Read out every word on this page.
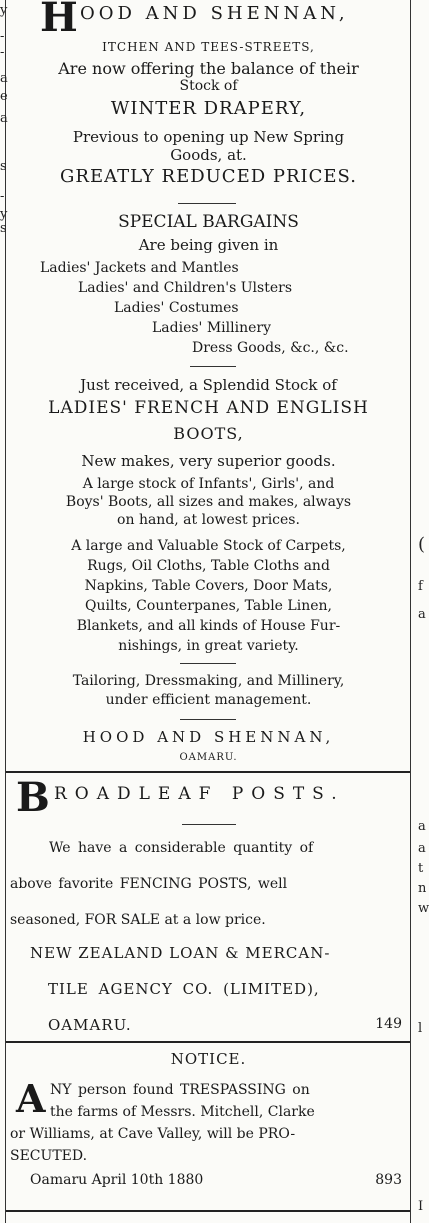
y
-
-
a
e
a
s
-
y
s
(
f
a
a
a
t
n
w
l
I
H OOD AND SHENNAN,
ITCHEN AND TEES-STREETS,
Are now offering the balance of their
Stock of
WINTER DRAPERY,
Previous to opening up New Spring
Goods, at.
GREATLY REDUCED PRICES.
SPECIAL BARGAINS
Are being given in
Ladies' Jackets and Mantles
Ladies' and Children's Ulsters
Ladies' Costumes
Ladies' Millinery
Dress Goods, &c., &c.
Just received, a Splendid Stock of
LADIES' FRENCH AND ENGLISH
BOOTS,
New makes, very superior goods.
A large stock of Infants', Girls', and
Boys' Boots, all sizes and makes, always
on hand, at lowest prices.
A large and Valuable Stock of Carpets,
Rugs, Oil Cloths, Table Cloths and
Napkins, Table Covers, Door Mats,
Quilts, Counterpanes, Table Linen,
Blankets, and all kinds of House Fur-
nishings, in great variety.
Tailoring, Dressmaking, and Millinery,
under efficient management.
HOOD AND SHENNAN,
OAMARU.
B ROADLEAF POSTS.
We have a considerable quantity of
above favorite FENCING POSTS, well
seasoned, FOR SALE at a low price.
NEW ZEALAND LOAN & MERCAN-
TILE AGENCY CO. (LIMITED),
OAMARU.	149
NOTICE.
A NY person found TRESPASSING on
the farms of Messrs. Mitchell, Clarke
or Williams, at Cave Valley, will be PRO-
SECUTED.
Oamaru April 10th 1880	893
